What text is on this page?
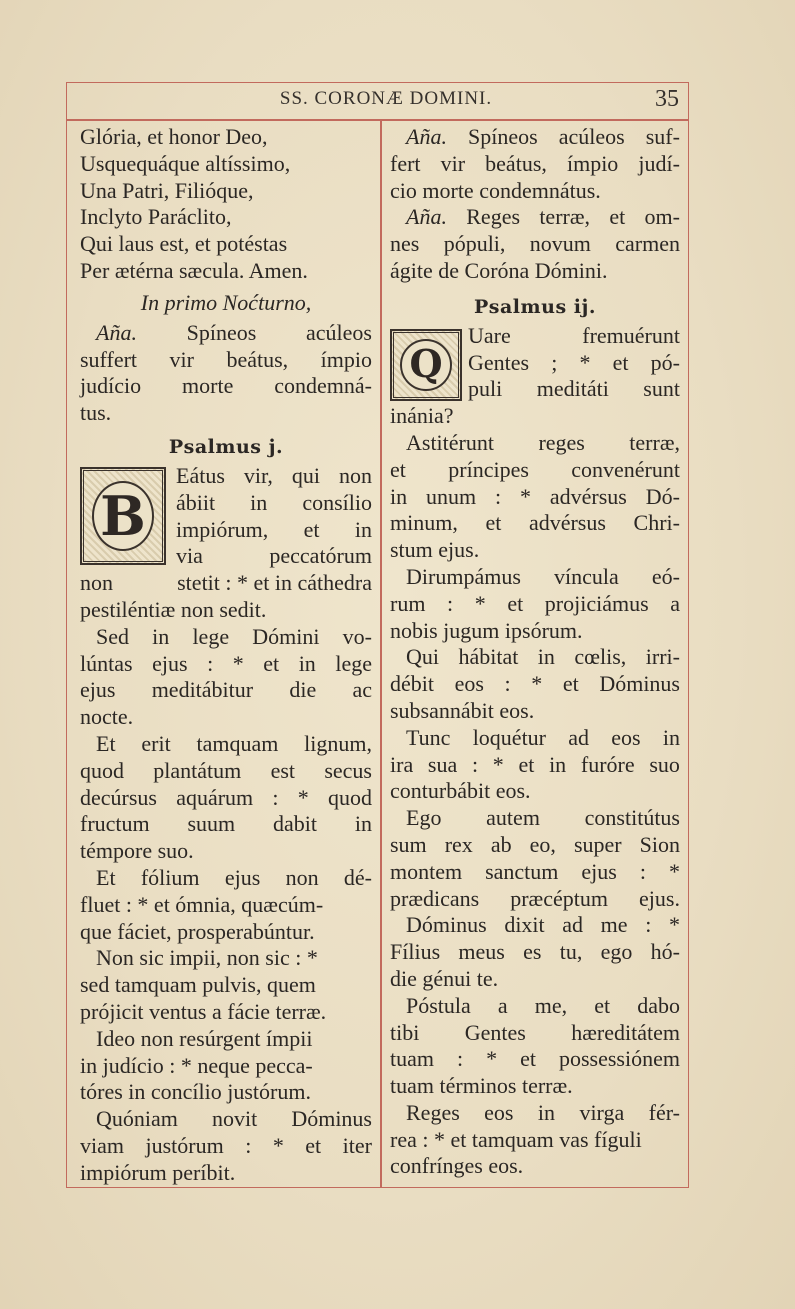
SS. CORONÆ DOMINI.	35
Glória, et honor Deo,
Usquequáque altíssimo,
Una Patri, Filióque,
Inclyto Paráclito,
Qui laus est, et potéstas
Per ætérna sæcula. Amen.
In primo Noćturno,
Aña. Spíneos acúleos
suffert vir beátus, ímpio
judício morte condemná-
tus.
Psalmus j.
B
Eátus vir, qui non
ábiit in consílio
impiórum, et in
via	peccatórum
non	stetit : * et in cáthedra
pestiléntiæ non sedit.
Sed in lege Dómini vo-
lúntas ejus : * et in lege
ejus meditábitur die ac
nocte.
Et erit tamquam lignum,
quod plantátum est secus
decúrsus aquárum : * quod
fructum suum dabit in
témpore suo.
Et fólium ejus non dé-
fluet : * et ómnia, quæcúm-
que fáciet, prosperabúntur.
Non sic impii, non sic : *
sed tamquam pulvis, quem
prójicit ventus a fácie terræ.
Ideo non resúrgent ímpii
in judício : * neque pecca-
tóres in concílio justórum.
Quóniam novit Dóminus
viam justórum : * et iter
impiórum períbit.
Aña. Spíneos acúleos suf-
fert vir beátus, ímpio judí-
cio morte condemnátus.
Aña. Reges terræ, et om-
nes pópuli, novum carmen
ágite de Coróna Dómini.
Psalmus ij.
Q
Uare	fremuérunt
Gentes ; * et pó-
puli meditáti sunt
inánia?
Astitérunt reges terræ,
et príncipes convenérunt
in unum : * advérsus Dó-
minum, et advérsus Chri-
stum ejus.
Dirumpámus víncula eó-
rum : * et projiciámus a
nobis jugum ipsórum.
Qui hábitat in cœlis, irri-
débit eos : * et Dóminus
subsannábit eos.
Tunc loquétur ad eos in
ira sua : * et in furóre suo
conturbábit eos.
Ego autem constitútus
sum rex ab eo, super Sion
montem sanctum ejus : *
prædicans præcéptum ejus.
Dóminus dixit ad me : *
Fílius meus es tu, ego hó-
die génui te.
Póstula a me, et dabo
tibi Gentes hæreditátem
tuam : * et possessiónem
tuam términos terræ.
Reges eos in virga fér-
rea : * et tamquam vas fíguli
confrínges eos.
